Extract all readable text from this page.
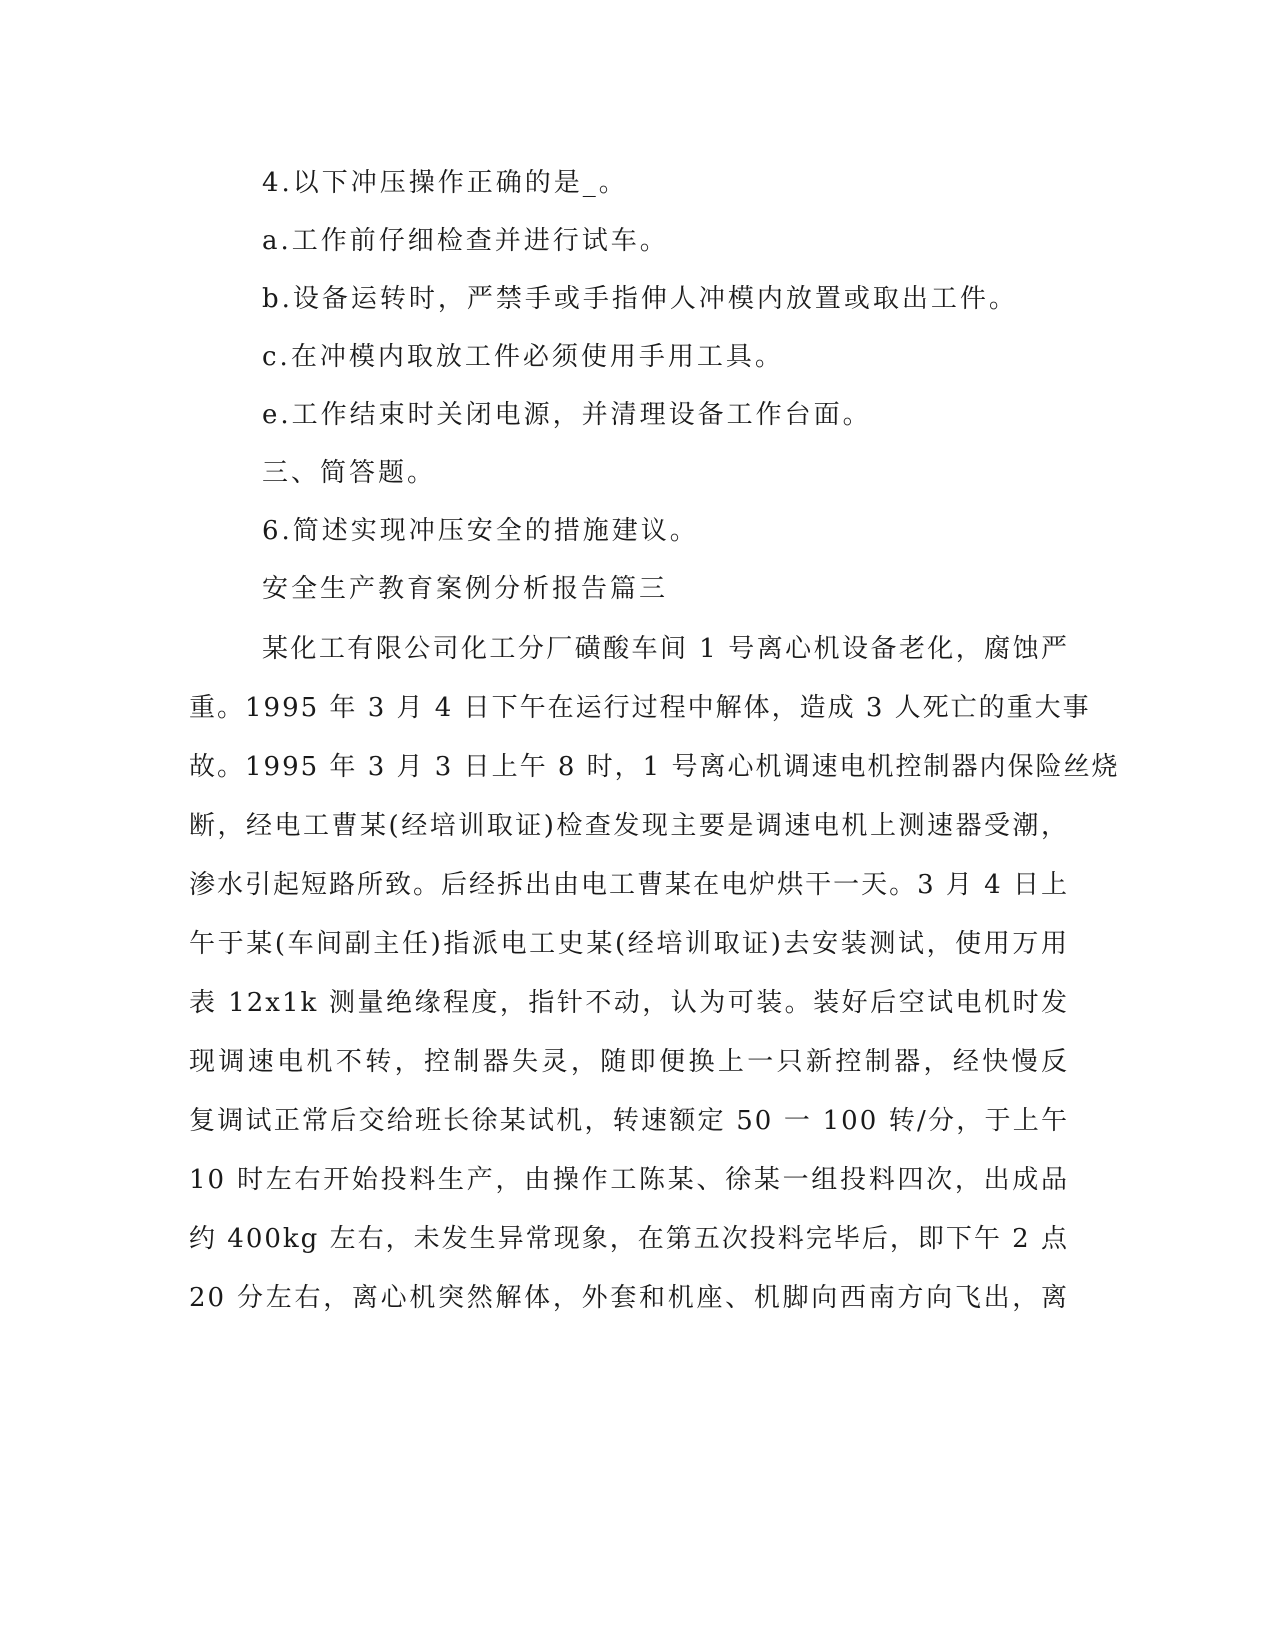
4.以下冲压操作正确的是_。
a.工作前仔细检查并进行试车。
b.设备运转时，严禁手或手指伸人冲模内放置或取出工件。
c.在冲模内取放工件必须使用手用工具。
e.工作结束时关闭电源，并清理设备工作台面。
三、简答题。
6.简述实现冲压安全的措施建议。
安全生产教育案例分析报告篇三
某化工有限公司化工分厂磺酸车间 1 号离心机设备老化，腐蚀严
重。1995 年 3 月 4 日下午在运行过程中解体，造成 3 人死亡的重大事
故。1995 年 3 月 3 日上午 8 时，1 号离心机调速电机控制器内保险丝烧
断，经电工曹某(经培训取证)检查发现主要是调速电机上测速器受潮，
渗水引起短路所致。后经拆出由电工曹某在电炉烘干一天。3 月 4 日上
午于某(车间副主任)指派电工史某(经培训取证)去安装测试，使用万用
表 12x1k 测量绝缘程度，指针不动，认为可装。装好后空试电机时发
现调速电机不转，控制器失灵，随即便换上一只新控制器，经快慢反
复调试正常后交给班长徐某试机，转速额定 50 一 100 转/分，于上午
10 时左右开始投料生产，由操作工陈某、徐某一组投料四次，出成品
约 400kg 左右，未发生异常现象，在第五次投料完毕后，即下午 2 点
20 分左右，离心机突然解体，外套和机座、机脚向西南方向飞出，离
